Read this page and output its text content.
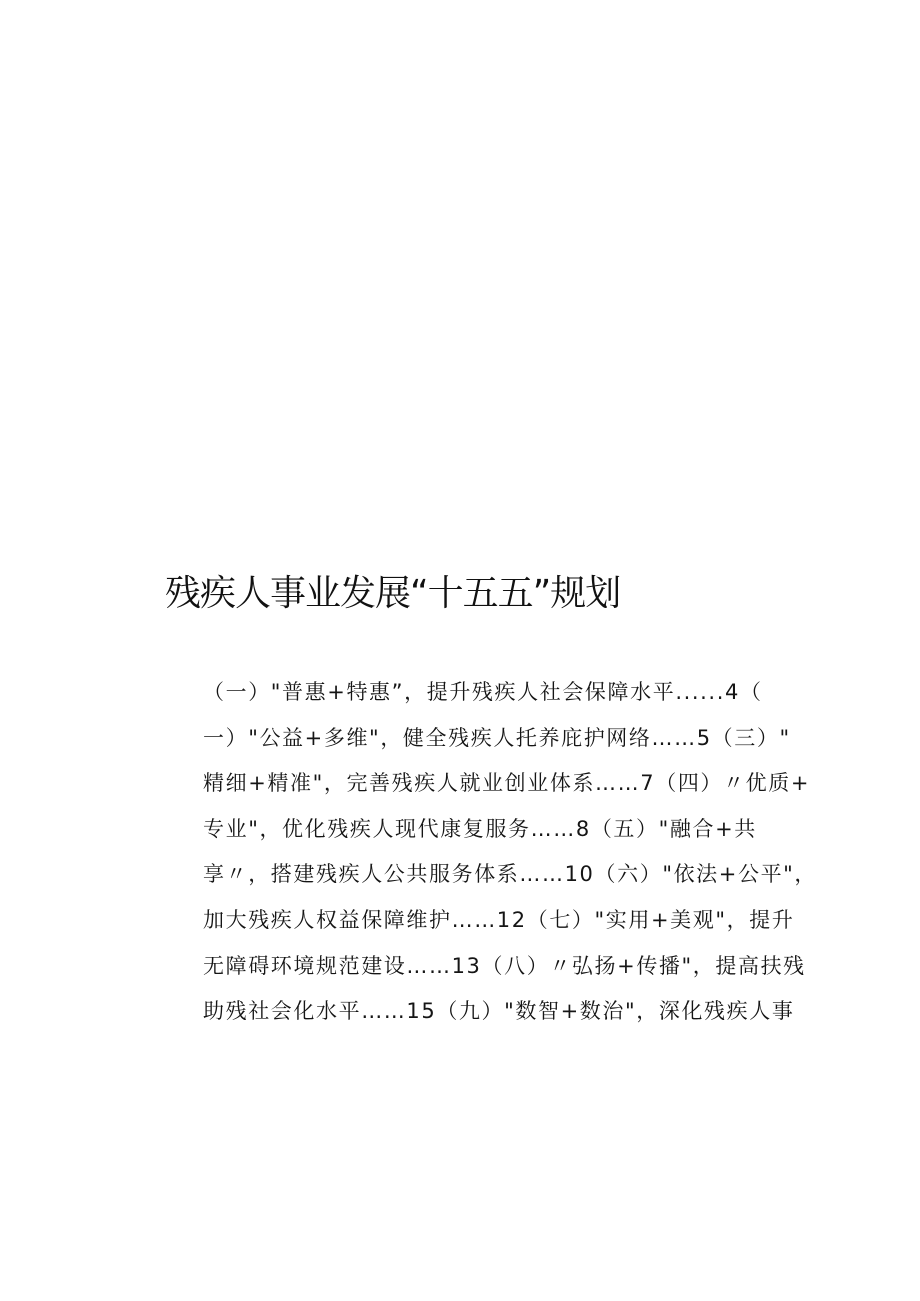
残疾人事业发展“十五五”规划
（一）"普惠+特惠”，提升残疾人社会保障水平......4（
一）"公益+多维"，健全残疾人托养庇护网络……5（三）"
精细+精准"，完善残疾人就业创业体系……7（四）〃优质+
专业"，优化残疾人现代康复服务……8（五）"融合+共
享〃，搭建残疾人公共服务体系……10（六）"依法+公平"，
加大残疾人权益保障维护……12（七）"实用+美观"，提升
无障碍环境规范建设……13（八）〃弘扬+传播"，提高扶残
助残社会化水平……15（九）"数智+数治"，深化残疾人事
